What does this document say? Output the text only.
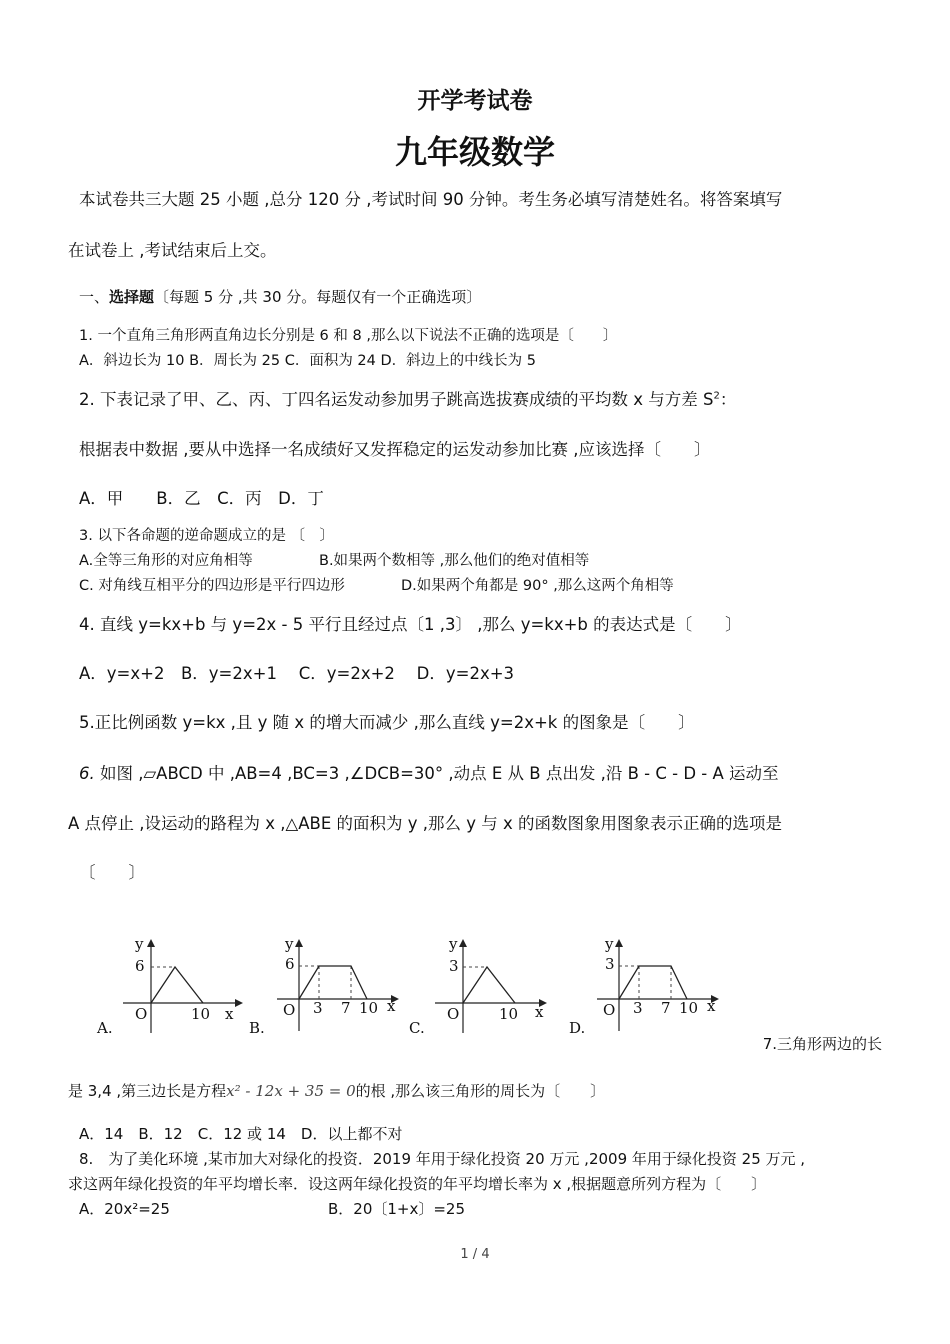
开学考试卷
九年级数学
本试卷共三大题 25 小题 ,总分 120 分 ,考试时间 90 分钟。考生务必填写清楚姓名。将答案填写
在试卷上 ,考试结束后上交。
一、选择题〔每题 5 分 ,共 30 分。每题仅有一个正确选项〕
1. 一个直角三角形两直角边长分别是 6 和 8 ,那么以下说法不正确的选项是〔　　〕
A．斜边长为 10 B．周长为 25 C．面积为 24 D．斜边上的中线长为 5
2. 下表记录了甲、乙、丙、丁四名运发动参加男子跳高选拔赛成绩的平均数 x 与方差 $S^2$：
根据表中数据 ,要从中选择一名成绩好又发挥稳定的运发动参加比赛 ,应该选择〔　　〕
A．甲　　B．乙　C．丙　D．丁
3. 以下各命题的逆命题成立的是 〔　〕
A.全等三角形的对应角相等	B.如果两个数相等 ,那么他们的绝对值相等
C. 对角线互相平分的四边形是平行四边形	D.如果两个角都是 90° ,那么这两个角相等
4. 直线 y=kx+b 与 y=2x - 5 平行且经过点〔1 ,3〕 ,那么 y=kx+b 的表达式是〔　　〕
A．y=x+2　B．y=2x+1　 C．y=2x+2　 D．y=2x+3
5.正比例函数 y=kx ,且 y 随 x 的增大而减少 ,那么直线 y=2x+k 的图象是〔　　〕
6. 如图 ,▱ABCD 中 ,AB=4 ,BC=3 ,∠DCB=30° ,动点 E 从 B 点出发 ,沿 B - C - D - A 运动至
A 点停止 ,设运动的路程为 x ,△ABE 的面积为 y ,那么 y 与 x 的函数图象用图象表示正确的选项是
〔　　〕
y
6
O	10 x
A.
y
6
O 3 7 10 x
B.
y
3
O	10 x
C.
y
3
O 3 7 10 x
D.
7.三角形两边的长
是 3,4 ,第三边长是方程x² - 12x + 35 = 0的根 ,那么该三角形的周长为〔　　〕
A．14　B．12　C．12 或 14　D．以上都不对
8.　为了美化环境 ,某市加大对绿化的投资．2019 年用于绿化投资 20 万元 ,2009 年用于绿化投资 25 万元 ,
求这两年绿化投资的年平均增长率．设这两年绿化投资的年平均增长率为 x ,根据题意所列方程为〔　　〕
A．20x²=25	B．20〔1+x〕=25
1 / 4
